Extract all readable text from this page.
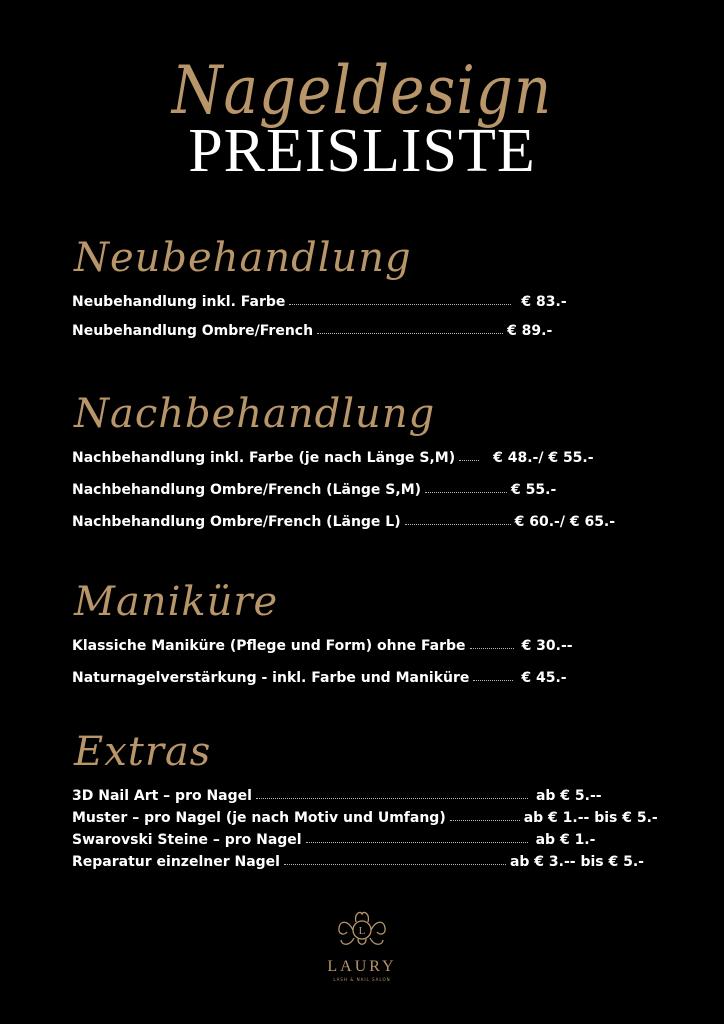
Nageldesign
PREISLISTE
Neubehandlung
Neubehandlung inkl. Farbe	€ 83.-
Neubehandlung Ombre/French	€ 89.-
Nachbehandlung
Nachbehandlung inkl. Farbe (je nach Länge S,M)	€ 48.-/ € 55.-
Nachbehandlung Ombre/French (Länge S,M)	€ 55.-
Nachbehandlung Ombre/French (Länge L)	€ 60.-/ € 65.-
Maniküre
Klassiche Maniküre (Pflege und Form) ohne Farbe	€ 30.--
Naturnagelverstärkung - inkl. Farbe und Maniküre	€ 45.-
Extras
3D Nail Art – pro Nagel	ab € 5.--
Muster – pro Nagel (je nach Motiv und Umfang)	ab € 1.-- bis € 5.-
Swarovski Steine – pro Nagel	ab € 1.-
Reparatur einzelner Nagel	ab € 3.-- bis € 5.-
L
LAURY
LASH & NAIL SALON
